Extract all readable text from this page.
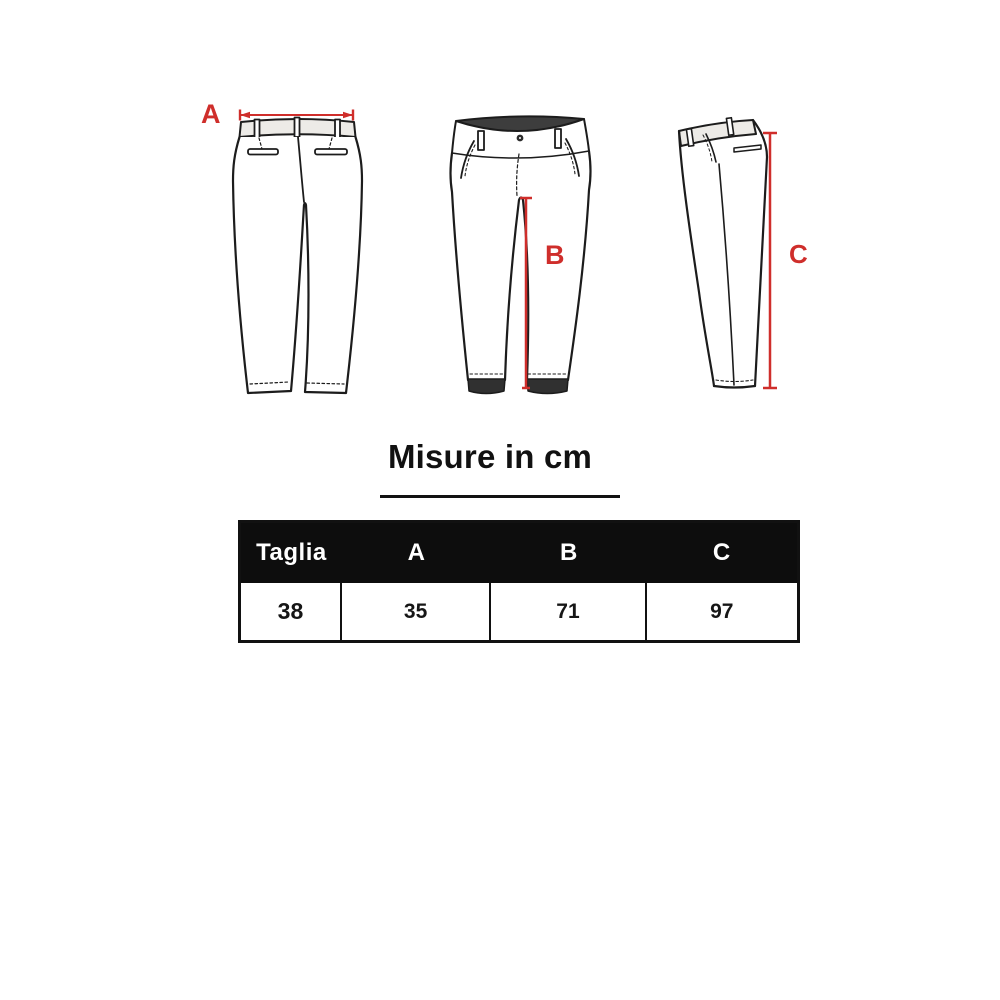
A
B	C
Misure in cm
Taglia	A	B	C
38	35	71	97
